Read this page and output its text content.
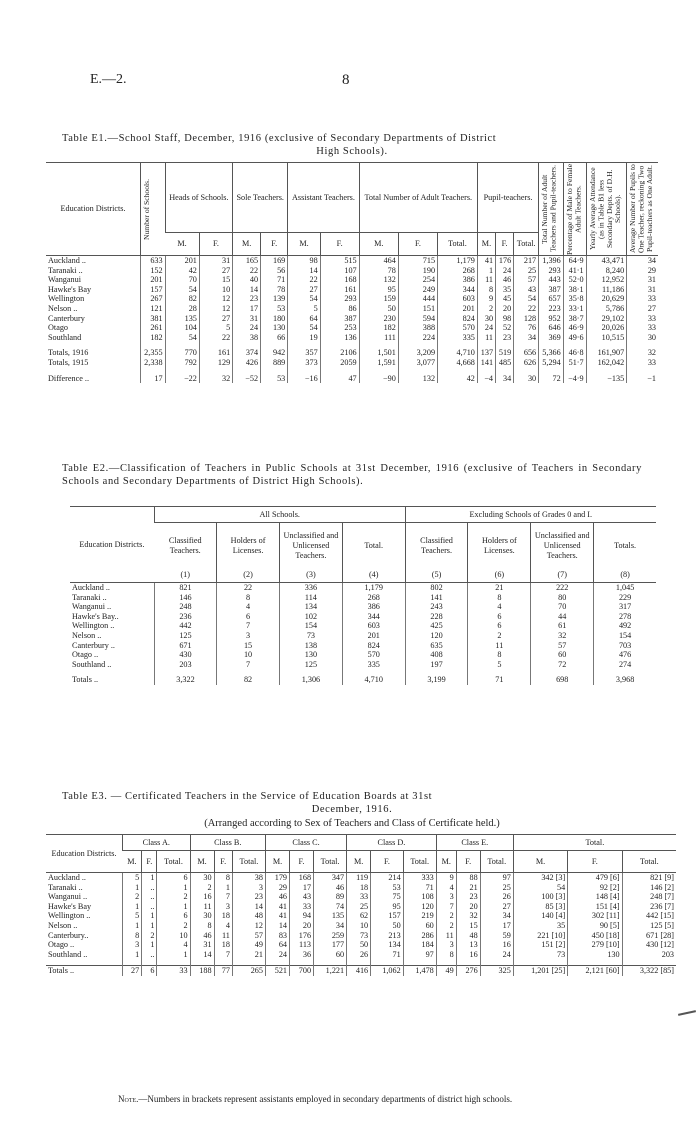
E.—2.	8
Table E1.—School Staff, December, 1916 (exclusive of Secondary Departments of District
High Schools).
Education Districts.	Number of Schools.	Heads of Schools.		Sole Teachers.		Assistant Teachers.		Total Number of Adult Teachers.			Pupil-teachers.			Total Number of Adult Teachers and Pupil-teachers.	Percentage of Male to Female Adult Teachers.	Yearly Average Attendance (as in Table B1 less Secondary Depts. of D.H. Schools).	Average Number of Pupils to One Teacher, reckoning Two Pupil-teachers as One Adult.

		M.	F.	M.	F.	M.	F.	M.	F.	Total.	M.	F.	Total.				
Auckland ..	633	201	31	165	169	98	515	464	715	1,179	41	176	217	1,396	64·9	43,471	34
Taranaki ..	152	42	27	22	56	14	107	78	190	268	1	24	25	293	41·1	8,240	29
Wanganui	201	70	15	40	71	22	168	132	254	386	11	46	57	443	52·0	12,952	31
Hawke's Bay	157	54	10	14	78	27	161	95	249	344	8	35	43	387	38·1	11,186	31
Wellington	267	82	12	23	139	54	293	159	444	603	9	45	54	657	35·8	20,629	33
Nelson ..	121	28	12	17	53	5	86	50	151	201	2	20	22	223	33·1	5,786	27
Canterbury	381	135	27	31	180	64	387	230	594	824	30	98	128	952	38·7	29,102	33
Otago	261	104	5	24	130	54	253	182	388	570	24	52	76	646	46·9	20,026	33
Southland	182	54	22	38	66	19	136	111	224	335	11	23	34	369	49·6	10,515	30

Totals, 1916	2,355	770	161	374	942	357	2106	1,501	3,209	4,710	137	519	656	5,366	46·8	161,907	32
Totals, 1915	2,338	792	129	426	889	373	2059	1,591	3,077	4,668	141	485	626	5,294	51·7	162,042	33

Difference ..	17	−22	32	−52	53	−16	47	−90	132	42	−4	34	30	72	−4·9	−135	−1
Table E2.—Classification of Teachers in Public Schools at 31st December, 1916 (exclusive of Teachers in Secondary Schools and Secondary Departments of District High Schools).
Education Districts.	All Schools.				Excluding Schools of Grades 0 and I.			
	Classified Teachers.	Holders of Licenses.	Unclassified and Unlicensed Teachers.	Total.	Classified Teachers.	Holders of Licenses.	Unclassified and Unlicensed Teachers.	Totals.
	(1)	(2)	(3)	(4)	(5)	(6)	(7)	(8)
Auckland ..	821	22	336	1,179	802	21	222	1,045
Taranaki ..	146	8	114	268	141	8	80	229
Wanganui ..	248	4	134	386	243	4	70	317
Hawke's Bay..	236	6	102	344	228	6	44	278
Wellington ..	442	7	154	603	425	6	61	492
Nelson ..	125	3	73	201	120	2	32	154
Canterbury ..	671	15	138	824	635	11	57	703
Otago ..	430	10	130	570	408	8	60	476
Southland ..	203	7	125	335	197	5	72	274

Totals ..	3,322	82	1,306	4,710	3,199	71	698	3,968
Table E3. — Certificated Teachers in the Service of Education Boards at 31st
December, 1916.
(Arranged according to Sex of Teachers and Class of Certificate held.)
Education Districts.	Class A.			Class B.			Class C.			Class D.			Class E.			Total.		
	M.	F.	Total.	M.	F.	Total.	M.	F.	Total.	M.	F.	Total.	M.	F.	Total.	M.	F.	Total.
Auckland ..	5	1	6	30	8	38	179	168	347	119	214	333	9	88	97	342 [3]	479 [6]	821 [9]
Taranaki ..	1	..	1	2	1	3	29	17	46	18	53	71	4	21	25	54	92 [2]	146 [2]
Wanganui ..	2	..	2	16	7	23	46	43	89	33	75	108	3	23	26	100 [3]	148 [4]	248 [7]
Hawke's Bay	1	..	1	11	3	14	41	33	74	25	95	120	7	20	27	85 [3]	151 [4]	236 [7]
Wellington ..	5	1	6	30	18	48	41	94	135	62	157	219	2	32	34	140 [4]	302 [11]	442 [15]
Nelson ..	1	1	2	8	4	12	14	20	34	10	50	60	2	15	17	35	90 [5]	125 [5]
Canterbury..	8	2	10	46	11	57	83	176	259	73	213	286	11	48	59	221 [10]	450 [18]	671 [28]
Otago ..	3	1	4	31	18	49	64	113	177	50	134	184	3	13	16	151 [2]	279 [10]	430 [12]
Southland ..	1	..	1	14	7	21	24	36	60	26	71	97	8	16	24	73	130	203

Totals ..	27	6	33	188	77	265	521	700	1,221	416	1,062	1,478	49	276	325	1,201 [25]	2,121 [60]	3,322 [85]
Note.—Numbers in brackets represent assistants employed in secondary departments of district high schools.
